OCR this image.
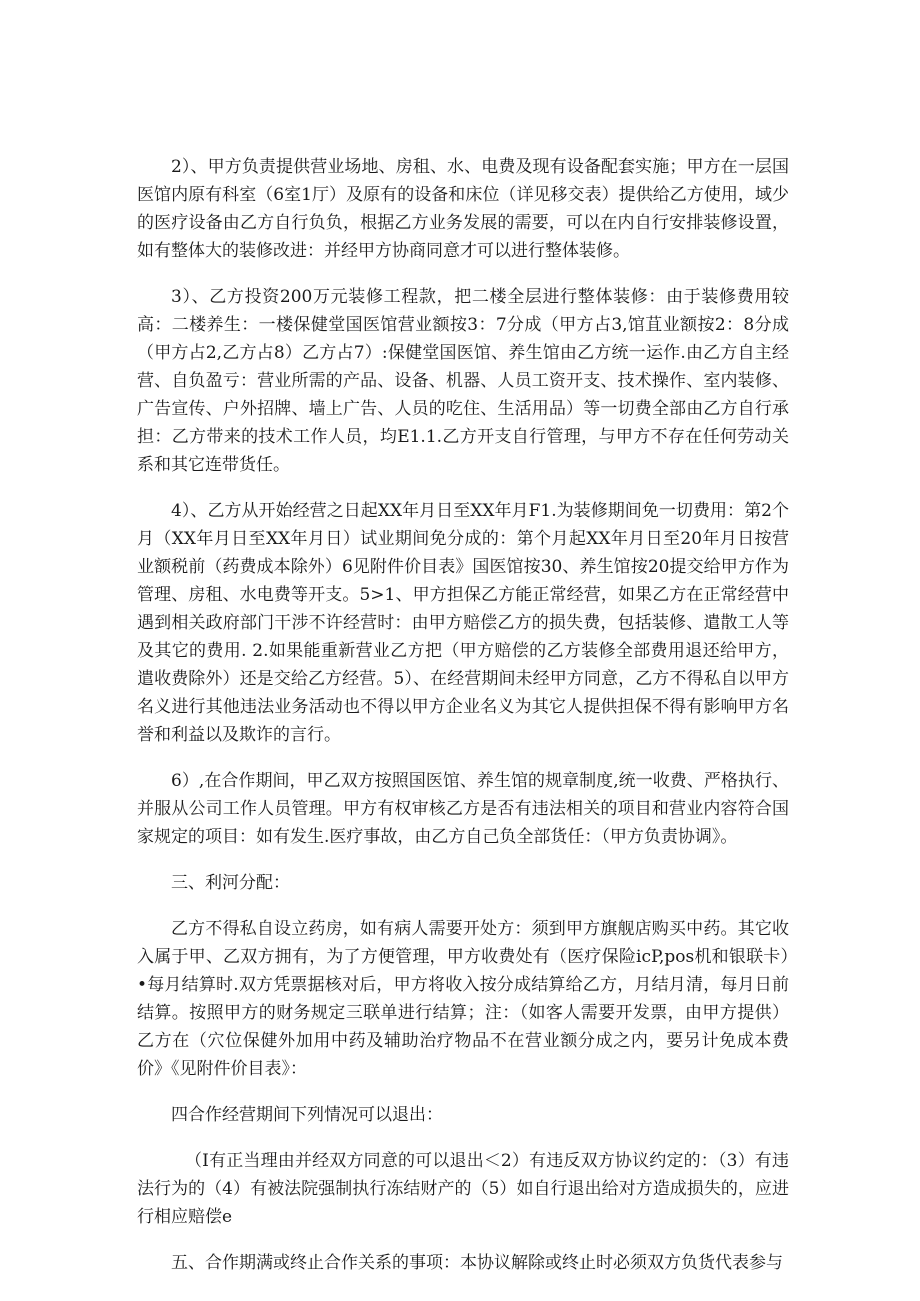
2）、甲方负责提供营业场地、房租、水、电费及现有设备配套实施；甲方在一层国医馆内原有科室（6室1厅）及原有的设备和床位（详见移交表）提供给乙方使用，域少的医疗设备由乙方自行负负，根据乙方业务发展的需要，可以在内自行安排装修设置，如有整体大的装修改进：并经甲方协商同意才可以进行整体装修。

3）、乙方投资200万元装修工程款，把二楼全层进行整体装修：由于装修费用较高：二楼养生：一楼保健堂国医馆营业额按3：7分成（甲方占3,馆苴业额按2：8分成（甲方占2,乙方占8）乙方占7）:保健堂国医馆、养生馆由乙方统一运作.由乙方自主经营、自负盈亏：营业所需的产品、设备、机器、人员工资开支、技术操作、室内装修、广告宣传、户外招牌、墙上广告、人员的吃住、生活用品）等一切费全部由乙方自行承担：乙方带来的技术工作人员，均E1.1.乙方开支自行管理，与甲方不存在任何劳动关系和其它连带货任。

4）、乙方从开始经营之日起XX年月日至XX年月F1.为装修期间免一切费用：第2个月（XX年月日至XX年月日）试业期间免分成的：第个月起XX年月日至20年月日按营业额税前（药费成本除外）6见附件价目表》国医馆按30、养生馆按20提交给甲方作为管理、房租、水电费等开支。5>1、甲方担保乙方能正常经营，如果乙方在正常经营中遇到相关政府部门干涉不许经营时：由甲方赔偿乙方的损失费，包括装修、遣散工人等及其它的费用. 2.如果能重新营业乙方把（甲方赔偿的乙方装修全部费用退还给甲方，遣收费除外）还是交给乙方经营。5）、在经营期间未经甲方同意，乙方不得私自以甲方名义进行其他违法业务活动也不得以甲方企业名义为其它人提供担保不得有影响甲方名誉和利益以及欺诈的言行。

6）,在合作期间，甲乙双方按照国医馆、养生馆的规章制度,统一收费、严格执行、并服从公司工作人员管理。甲方有权审核乙方是否有违法相关的项目和营业内容符合国家规定的项目：如有发生.医疗事故，由乙方自己负全部货任：（甲方负责协调》。

三、利河分配：

乙方不得私自设立药房，如有病人需要开处方：须到甲方旗舰店购买中药。其它收入属于甲、乙双方拥有，为了方便管理，甲方收费处有（医疗保险icP,pos机和银联卡）•每月结算时.双方凭票据核对后，甲方将收入按分成结算给乙方，月结月清，每月日前结算。按照甲方的财务规定三联单进行结算；注：（如客人需要开发票，由甲方提供）乙方在（穴位保健外加用中药及辅助治疗物品不在营业额分成之内，要另计免成本费价》《见附件价目表》：

四合作经营期间下列情况可以退出：

（I有正当理由并经双方同意的可以退出＜2）有违反双方协议约定的：（3）有违法行为的（4）有被法院强制执行冻结财产的（5）如自行退出给对方造成损失的，应进行相应赔偿e

五、合作期满或终止合作关系的事项：本协议解除或终止时必须双方负货代表参与
